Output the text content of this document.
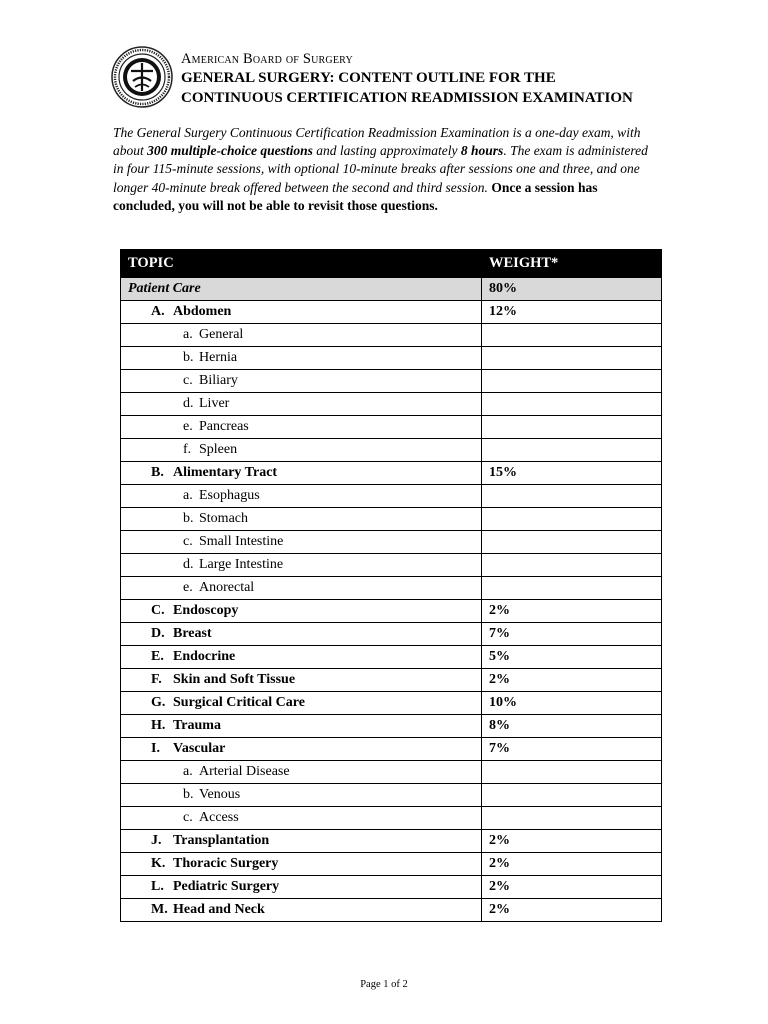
American Board of Surgery
GENERAL SURGERY: CONTENT OUTLINE FOR THE
CONTINUOUS CERTIFICATION READMISSION EXAMINATION
The General Surgery Continuous Certification Readmission Examination is a one-day exam, with about 300 multiple-choice questions and lasting approximately 8 hours. The exam is administered in four 115-minute sessions, with optional 10-minute breaks after sessions one and three, and one longer 40-minute break offered between the second and third session. Once a session has concluded, you will not be able to revisit those questions.
TOPIC	WEIGHT*
Patient Care	80%
A. Abdomen	12%
a. General	
b. Hernia	
c. Biliary	
d. Liver	
e. Pancreas	
f. Spleen	
B. Alimentary Tract	15%
a. Esophagus	
b. Stomach	
c. Small Intestine	
d. Large Intestine	
e. Anorectal	
C. Endoscopy	2%
D. Breast	7%
E. Endocrine	5%
F. Skin and Soft Tissue	2%
G. Surgical Critical Care	10%
H. Trauma	8%
I. Vascular	7%
a. Arterial Disease	
b. Venous	
c. Access	
J. Transplantation	2%
K. Thoracic Surgery	2%
L. Pediatric Surgery	2%
M. Head and Neck	2%
Page 1 of 2
